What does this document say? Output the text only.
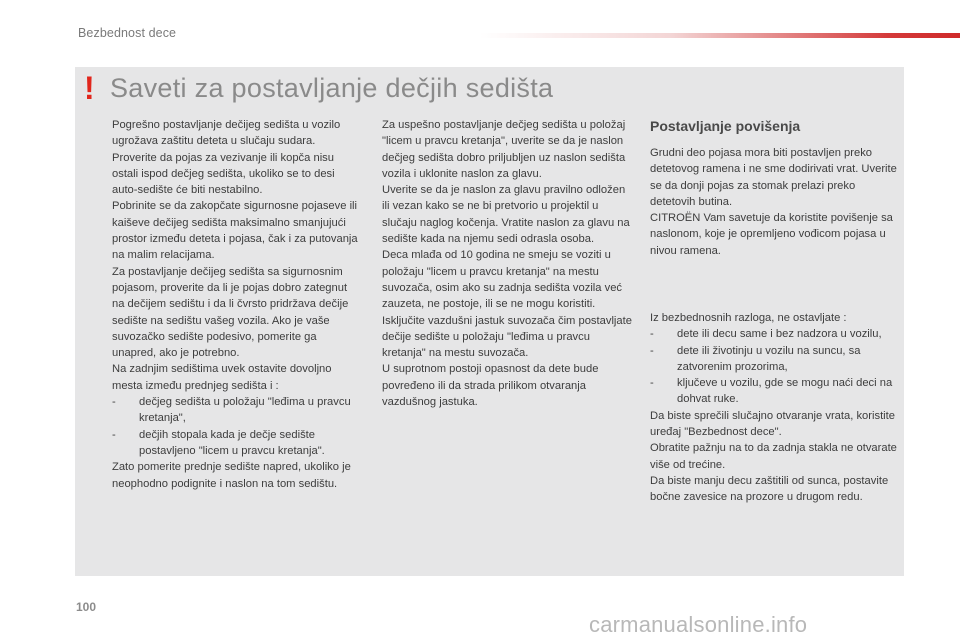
Bezbednost dece
! Saveti za postavljanje dečjih sedišta

Pogrešno postavljanje dečijeg sedišta u vozilo ugrožava zaštitu deteta u slučaju sudara.

Proverite da pojas za vezivanje ili kopča nisu ostali ispod dečjeg sedišta, ukoliko se to desi auto-sedište će biti nestabilno.

Pobrinite se da zakopčate sigurnosne pojaseve ili kaiševe dečijeg sedišta maksimalno smanjujući prostor između deteta i pojasa, čak i za putovanja na malim relacijama.

Za postavljanje dečijeg sedišta sa sigurnosnim pojasom, proverite da li je pojas dobro zategnut na dečijem sedištu i da li čvrsto pridržava dečije sedište na sedištu vašeg vozila. Ako je vaše suvozačko sedište podesivo, pomerite ga unapred, ako je potrebno.

Na zadnjim sedištima uvek ostavite dovoljno mesta između prednjeg sedišta i :

- dečjeg sedišta u položaju "leđima u pravcu kretanja",

- dečjih stopala kada je dečje sedište postavljeno "licem u pravcu kretanja".

Zato pomerite prednje sedište napred, ukoliko je neophodno podignite i naslon na tom sedištu.

Za uspešno postavljanje dečjeg sedišta u položaj "licem u pravcu kretanja", uverite se da je naslon dečjeg sedišta dobro priljubljen uz naslon sedišta vozila i uklonite naslon za glavu.

Uverite se da je naslon za glavu pravilno odložen ili vezan kako se ne bi pretvorio u projektil u slučaju naglog kočenja. Vratite naslon za glavu na sedište kada na njemu sedi odrasla osoba.

Deca mlađa od 10 godina ne smeju se voziti u položaju "licem u pravcu kretanja" na mestu suvozača, osim ako su zadnja sedišta vozila već zauzeta, ne postoje, ili se ne mogu koristiti.

Isključite vazdušni jastuk suvozača čim postavljate dečije sedište u položaju "leđima u pravcu kretanja" na mestu suvozača.

U suprotnom postoji opasnost da dete bude povređeno ili da strada prilikom otvaranja vazdušnog jastuka.

Postavljanje povišenja

Grudni deo pojasa mora biti postavljen preko detetovog ramena i ne sme dodirivati vrat. Uverite se da donji pojas za stomak prelazi preko detetovih butina.

CITROËN Vam savetuje da koristite povišenje sa naslonom, koje je opremljeno vođicom pojasa u nivou ramena.

Iz bezbednosnih razloga, ne ostavljate :

- dete ili decu same i bez nadzora u vozilu,

- dete ili životinju u vozilu na suncu, sa zatvorenim prozorima,

- ključeve u vozilu, gde se mogu naći deci na dohvat ruke.

Da biste sprečili slučajno otvaranje vrata, koristite uređaj "Bezbednost dece".

Obratite pažnju na to da zadnja stakla ne otvarate više od trećine.

Da biste manju decu zaštitili od sunca, postavite bočne zavesice na prozore u drugom redu.

100
carmanualsonline.info
